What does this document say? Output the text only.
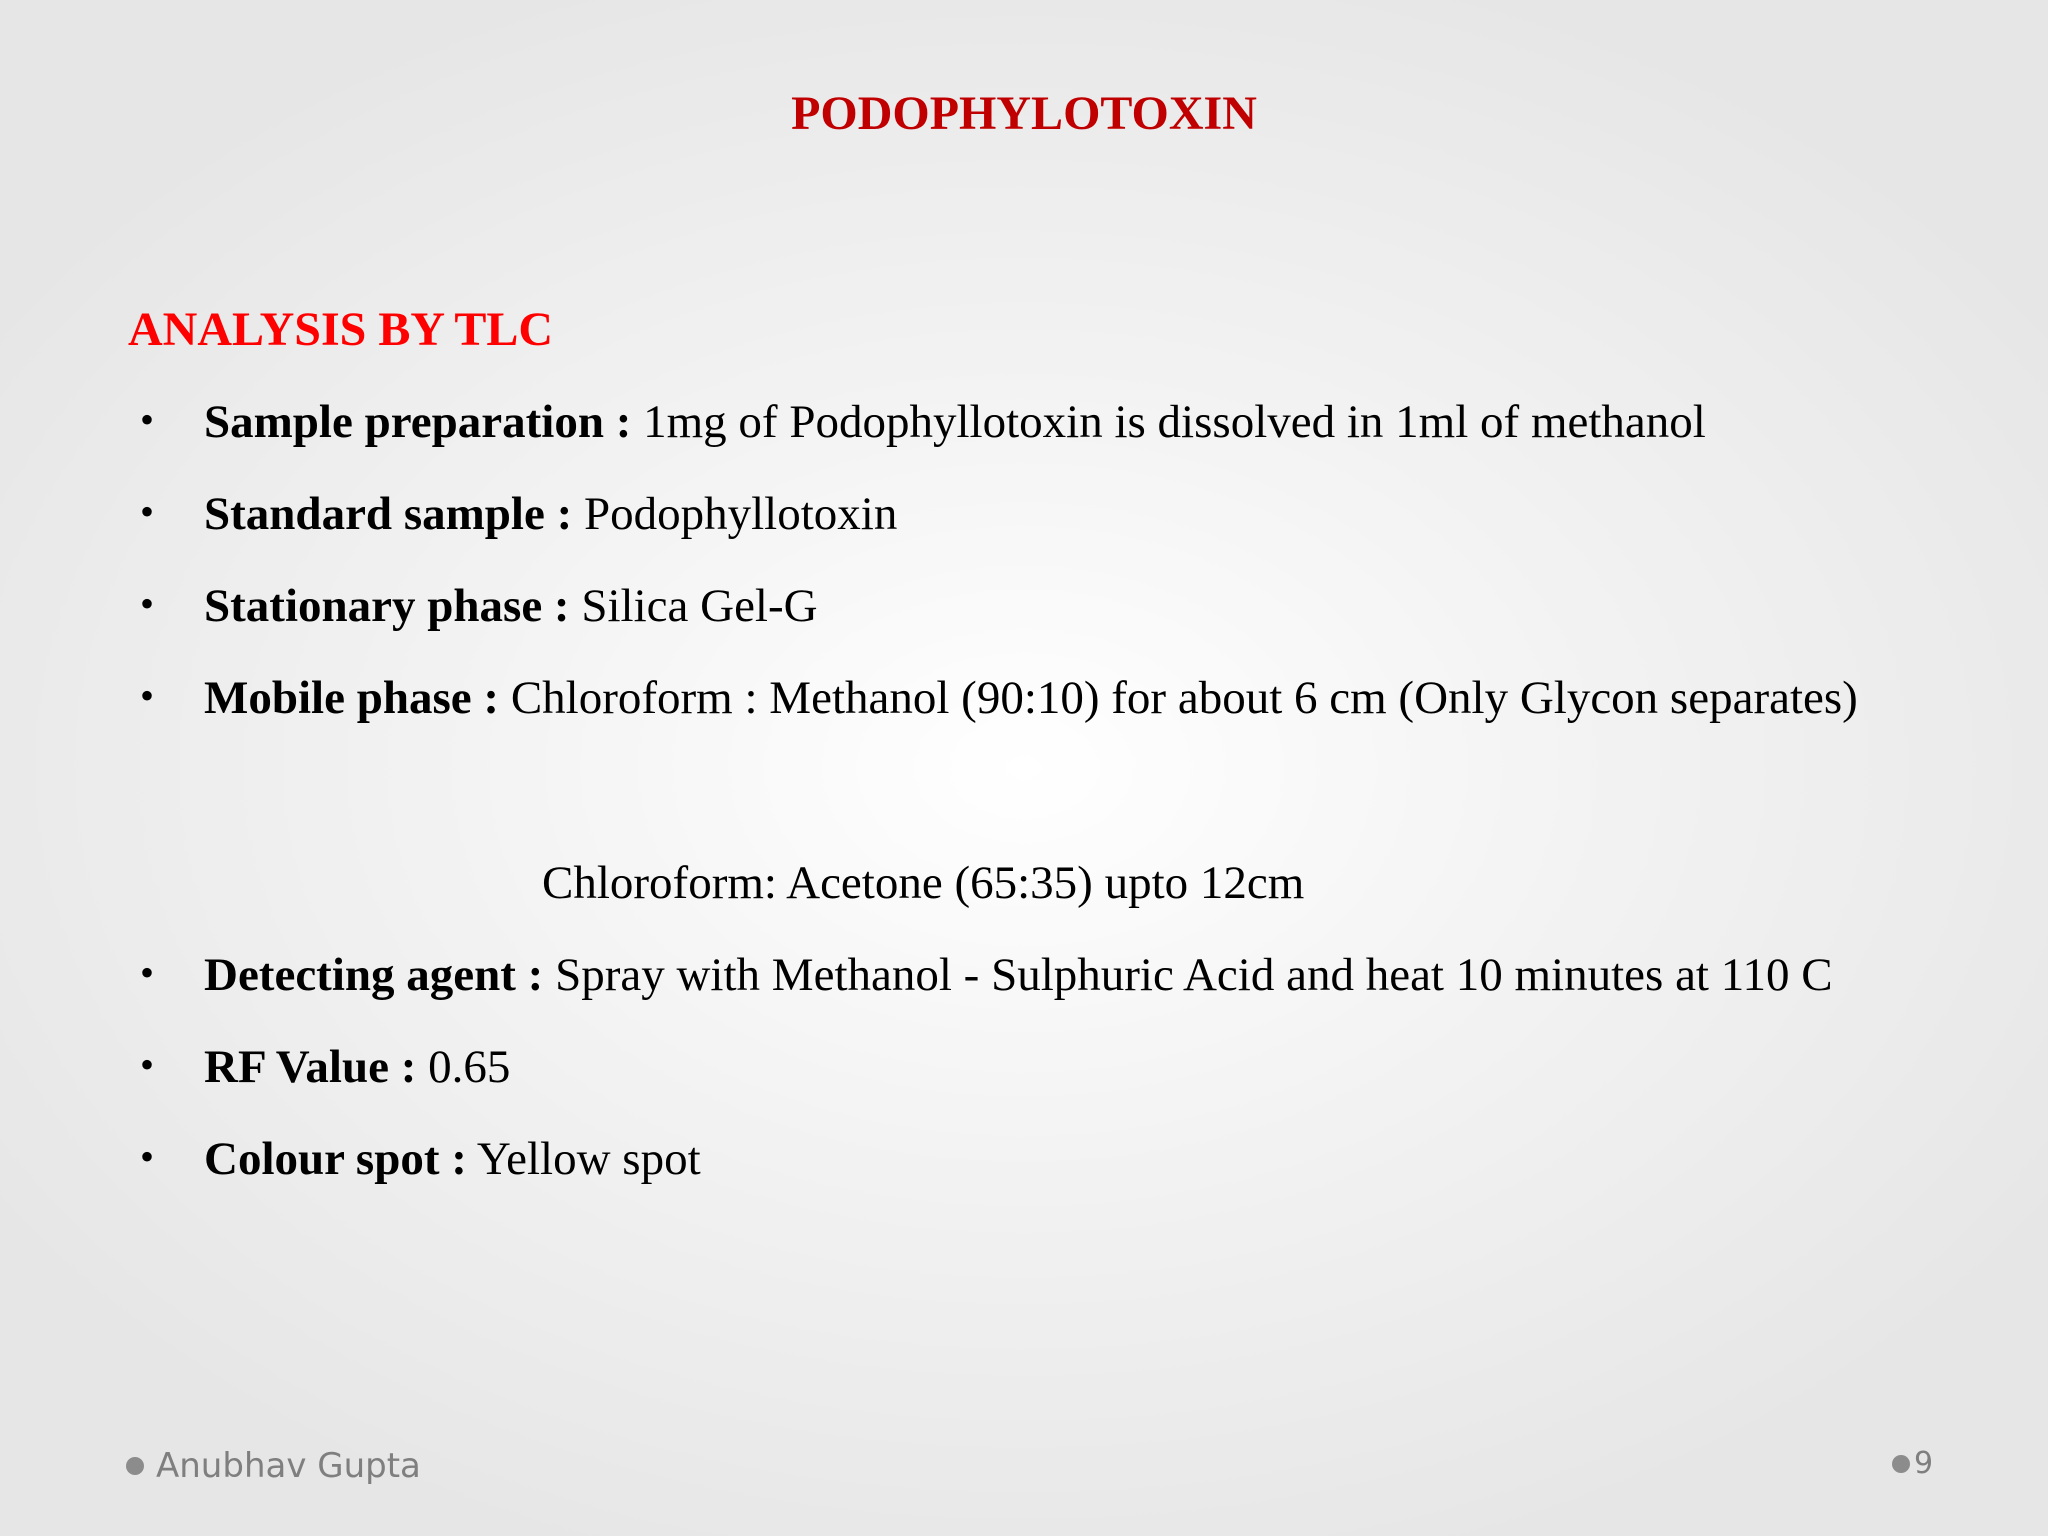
PODOPHYLOTOXIN
ANALYSIS BY TLC
• Sample preparation : 1mg of Podophyllotoxin is dissolved in 1ml of methanol
• Standard sample : Podophyllotoxin
• Stationary phase : Silica Gel-G
• Mobile phase : Chloroform : Methanol (90:10) for about 6 cm (Only Glycon separates)
Chloroform: Acetone (65:35) upto 12cm
• Detecting agent : Spray with Methanol - Sulphuric Acid and heat 10 minutes at 110 C
• RF Value : 0.65
• Colour spot : Yellow spot
Anubhav Gupta	9
